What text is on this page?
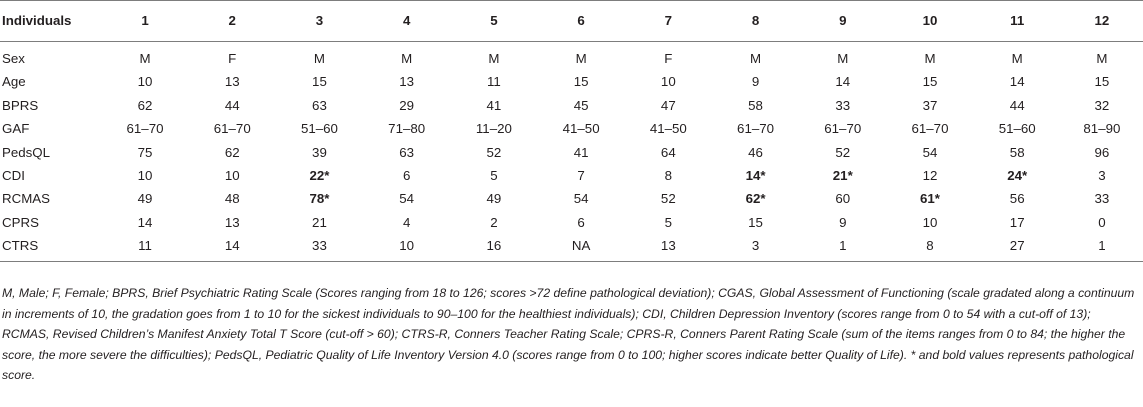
Individuals	1	2	3	4	5	6	7	8	9	10	11	12
Sex	M	F	M	M	M	M	F	M	M	M	M	M
Age	10	13	15	13	11	15	10	9	14	15	14	15
BPRS	62	44	63	29	41	45	47	58	33	37	44	32
GAF	61–70	61–70	51–60	71–80	11–20	41–50	41–50	61–70	61–70	61–70	51–60	81–90
PedsQL	75	62	39	63	52	41	64	46	52	54	58	96
CDI	10	10	22*	6	5	7	8	14*	21*	12	24*	3
RCMAS	49	48	78*	54	49	54	52	62*	60	61*	56	33
CPRS	14	13	21	4	2	6	5	15	9	10	17	0
CTRS	11	14	33	10	16	NA	13	3	1	8	27	1
M, Male; F, Female; BPRS, Brief Psychiatric Rating Scale (Scores ranging from 18 to 126; scores >72 define pathological deviation); CGAS, Global Assessment of Functioning (scale gradated along a continuum in increments of 10, the gradation goes from 1 to 10 for the sickest individuals to 90–100 for the healthiest individuals); CDI, Children Depression Inventory (scores range from 0 to 54 with a cut-off of 13); RCMAS, Revised Children’s Manifest Anxiety Total T Score (cut-off > 60); CTRS-R, Conners Teacher Rating Scale; CPRS-R, Conners Parent Rating Scale (sum of the items ranges from 0 to 84; the higher the score, the more severe the difficulties); PedsQL, Pediatric Quality of Life Inventory Version 4.0 (scores range from 0 to 100; higher scores indicate better Quality of Life). * and bold values represents pathological score.
